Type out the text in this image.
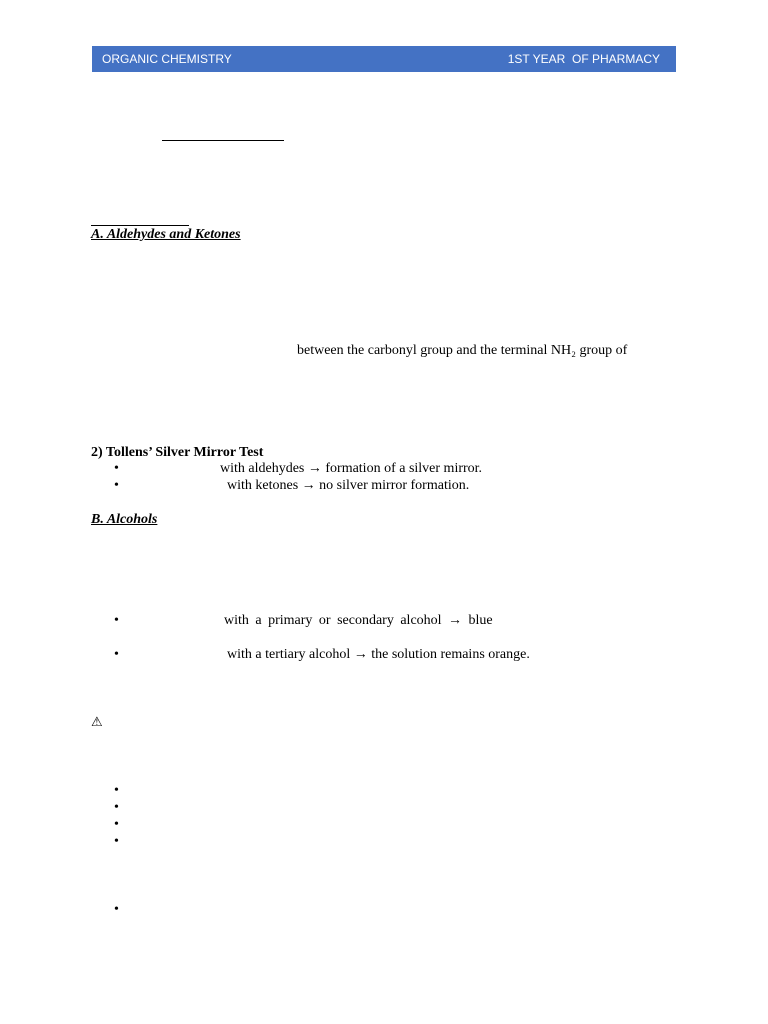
ORGANIC CHEMISTRY	1ST YEAR  OF PHARMACY
A. Aldehydes and Ketones
between the carbonyl group and the terminal NH₂ group of
2) Tollens’ Silver Mirror Test
•	with aldehydes → formation of a silver mirror.
•	with ketones → no silver mirror formation.
B. Alcohols
•	with a primary or secondary alcohol → blue
•	with a tertiary alcohol → the solution remains orange.
⚠
•
•
•
•
•
